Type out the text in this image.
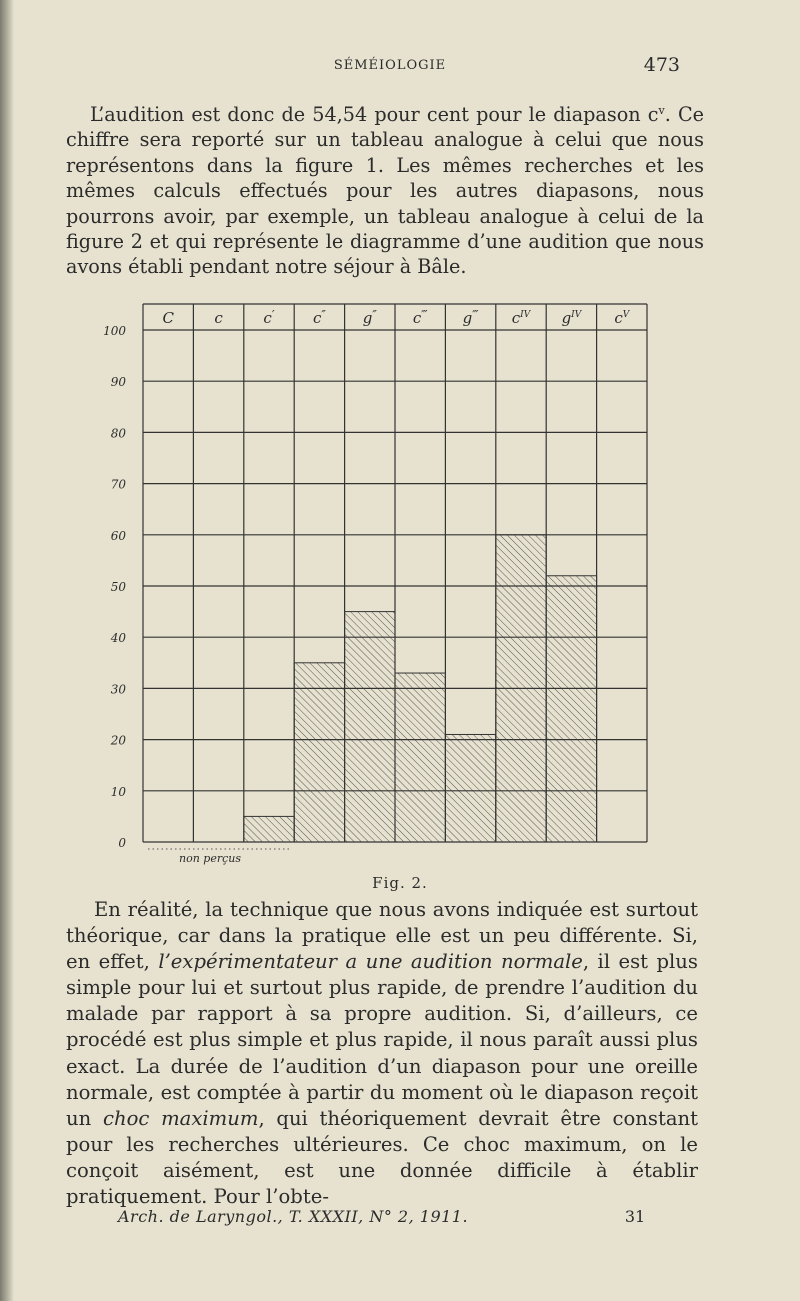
SÉMÉIOLOGIE	473

L’audition est donc de 54,54 pour cent pour le diapason $c^v$. Ce chiffre sera reporté sur un tableau analogue à celui que nous représentons dans la figure 1. Les mêmes recherches et les mêmes calculs effectués pour les autres diapasons, nous pourrons avoir, par exemple, un tableau analogue à celui de la figure 2 et qui représente le diagramme d’une audition que nous avons établi pendant notre séjour à Bâle.

C	c	c′	c″ g″ c‴ g‴ $c^{IV}$ $g^{IV}$ $c^V$
0
10
20
30
40
50
60
70
80
90
100
non perçus
Fig. 2.

En réalité, la technique que nous avons indiquée est surtout théorique, car dans la pratique elle est un peu différente. Si, en effet, l’expérimentateur a une audition normale, il est plus simple pour lui et surtout plus rapide, de prendre l’audition du malade par rapport à sa propre audition. Si, d’ailleurs, ce procédé est plus simple et plus rapide, il nous paraît aussi plus exact. La durée de l’audition d’un diapason pour une oreille normale, est comptée à partir du moment où le diapason reçoit un choc maximum, qui théoriquement devrait être constant pour les recherches ultérieures. Ce choc maximum, on le conçoit aisément, est une donnée difficile à établir pratiquement. Pour l’obte-

Arch. de Laryngol., T. XXXII, N° 2, 1911.	31
